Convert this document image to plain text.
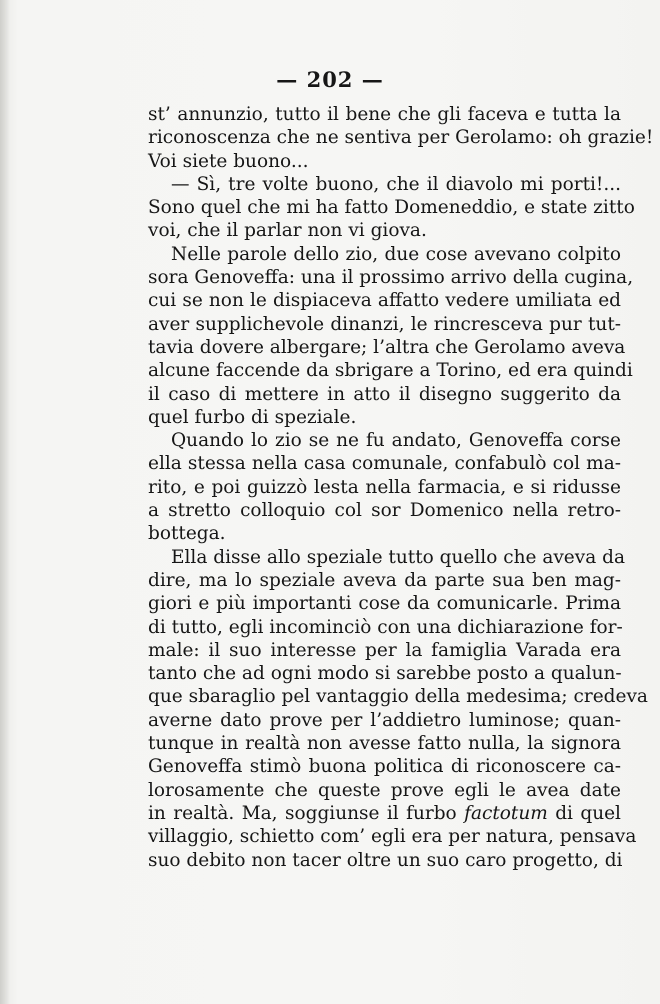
— 202 —
st’ annunzio, tutto il bene che gli faceva e tutta la
riconoscenza che ne sentiva per Gerolamo: oh grazie!
Voi siete buono...
— Sì, tre volte buono, che il diavolo mi porti!...
Sono quel che mi ha fatto Domeneddio, e state zitto
voi, che il parlar non vi giova.
Nelle parole dello zio, due cose avevano colpito
sora Genoveffa: una il prossimo arrivo della cugina,
cui se non le dispiaceva affatto vedere umiliata ed
aver supplichevole dinanzi, le rincresceva pur tut-
tavia dovere albergare; l’altra che Gerolamo aveva
alcune faccende da sbrigare a Torino, ed era quindi
il caso di mettere in atto il disegno suggerito da
quel furbo di speziale.
Quando lo zio se ne fu andato, Genoveffa corse
ella stessa nella casa comunale, confabulò col ma-
rito, e poi guizzò lesta nella farmacia, e si ridusse
a stretto colloquio col sor Domenico nella retro-
bottega.
Ella disse allo speziale tutto quello che aveva da
dire, ma lo speziale aveva da parte sua ben mag-
giori e più importanti cose da comunicarle. Prima
di tutto, egli incominciò con una dichiarazione for-
male: il suo interesse per la famiglia Varada era
tanto che ad ogni modo si sarebbe posto a qualun-
que sbaraglio pel vantaggio della medesima; credeva
averne dato prove per l’addietro luminose; quan-
tunque in realtà non avesse fatto nulla, la signora
Genoveffa stimò buona politica di riconoscere ca-
lorosamente che queste prove egli le avea date
in realtà. Ma, soggiunse il furbo factotum di quel
villaggio, schietto com’ egli era per natura, pensava
suo debito non tacer oltre un suo caro progetto, di
